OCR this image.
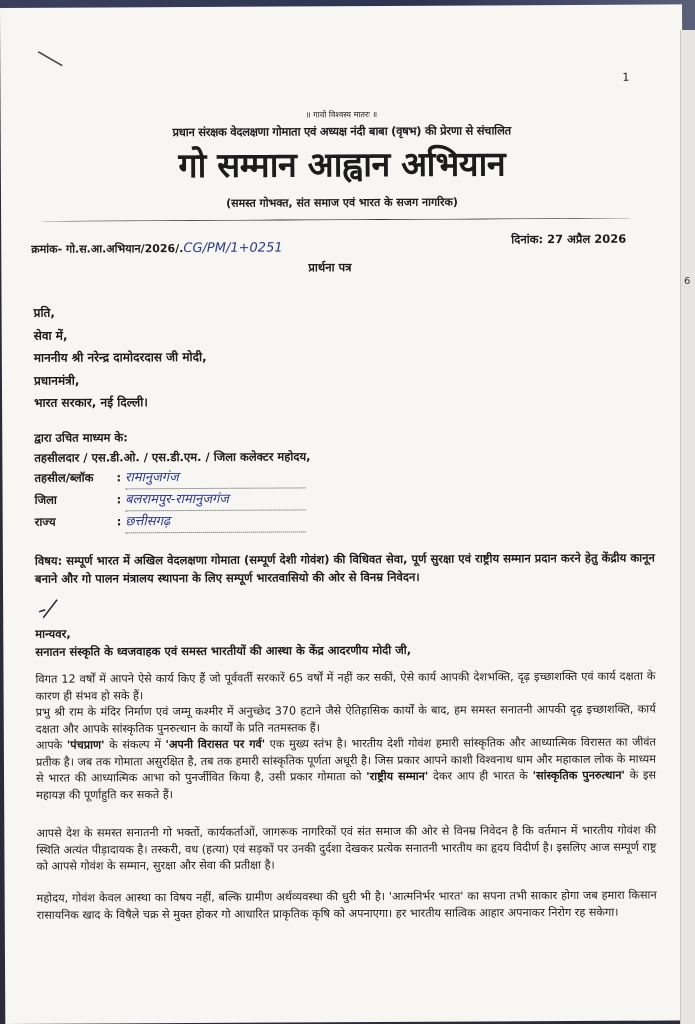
1
॥ गावो विश्वस्य मातरः ॥
प्रधान संरक्षक वेदलक्षणा गोमाता एवं अध्यक्ष नंदी बाबा (वृषभ) की प्रेरणा से संचालित
गो सम्मान आह्वान अभियान
(समस्त गोभक्त, संत समाज एवं भारत के सजग नागरिक)
क्रमांक- गो.स.आ.अभियान/2026/.CG/PM/1+0251
दिनांक: 27 अप्रैल 2026
प्रार्थना पत्र
प्रति,
सेवा में,
माननीय श्री नरेन्द्र दामोदरदास जी मोदी,
प्रधानमंत्री,
भारत सरकार, नई दिल्ली।
द्वारा उचित माध्यम के:
तहसीलदार / एस.डी.ओ. / एस.डी.एम. / जिला कलेक्टर महोदय,
तहसील/ब्लॉक	: रामानुजगंज
जिला	: बलरामपुर-रामानुजगंज
राज्य	: छत्तीसगढ़
विषय: सम्पूर्ण भारत में अखिल वेदलक्षणा गोमाता (सम्पूर्ण देशी गोवंश) की विधिवत सेवा, पूर्ण सुरक्षा एवं राष्ट्रीय सम्मान प्रदान करने हेतु केंद्रीय कानून बनाने और गो पालन मंत्रालय स्थापना के लिए सम्पूर्ण भारतवासियो की ओर से विनम्र निवेदन।
मान्यवर,
सनातन संस्कृति के ध्वजवाहक एवं समस्त भारतीयों की आस्था के केंद्र आदरणीय मोदी जी,
विगत 12 वर्षों में आपने ऐसे कार्य किए हैं जो पूर्ववर्ती सरकारें 65 वर्षों में नहीं कर सकीं, ऐसे कार्य आपकी देशभक्ति, दृढ़ इच्छाशक्ति एवं कार्य दक्षता के कारण ही संभव हो सके हैं।
प्रभु श्री राम के मंदिर निर्माण एवं जम्मू कश्मीर में अनुच्छेद 370 हटाने जैसे ऐतिहासिक कार्यों के बाद, हम समस्त सनातनी आपकी दृढ़ इच्छाशक्ति, कार्य दक्षता और आपके सांस्कृतिक पुनरुत्थान के कार्यों के प्रति नतमस्तक हैं।
आपके 'पंचप्राण' के संकल्प में 'अपनी विरासत पर गर्व' एक मुख्य स्तंभ है। भारतीय देशी गोवंश हमारी सांस्कृतिक और आध्यात्मिक विरासत का जीवंत प्रतीक है। जब तक गोमाता असुरक्षित है, तब तक हमारी सांस्कृतिक पूर्णता अधूरी है। जिस प्रकार आपने काशी विश्वनाथ धाम और महाकाल लोक के माध्यम से भारत की आध्यात्मिक आभा को पुनर्जीवित किया है, उसी प्रकार गोमाता को 'राष्ट्रीय सम्मान' देकर आप ही भारत के 'सांस्कृतिक पुनरुत्थान' के इस महायज्ञ की पूर्णाहुति कर सकते हैं।
आपसे देश के समस्त सनातनी गो भक्तों, कार्यकर्ताओं, जागरूक नागरिकों एवं संत समाज की ओर से विनम्र निवेदन है कि वर्तमान में भारतीय गोवंश की स्थिति अत्यंत पीड़ादायक है। तस्करी, वध (हत्या) एवं सड़कों पर उनकी दुर्दशा देखकर प्रत्येक सनातनी भारतीय का हृदय विदीर्ण है। इसलिए आज सम्पूर्ण राष्ट्र को आपसे गोवंश के सम्मान, सुरक्षा और सेवा की प्रतीक्षा है।
महोदय, गोवंश केवल आस्था का विषय नहीं, बल्कि ग्रामीण अर्थव्यवस्था की धुरी भी है। 'आत्मनिर्भर भारत' का सपना तभी साकार होगा जब हमारा किसान रासायनिक खाद के विषैले चक्र से मुक्त होकर गो आधारित प्राकृतिक कृषि को अपनाएगा। हर भारतीय सात्विक आहार अपनाकर निरोग रह सकेगा।
6
